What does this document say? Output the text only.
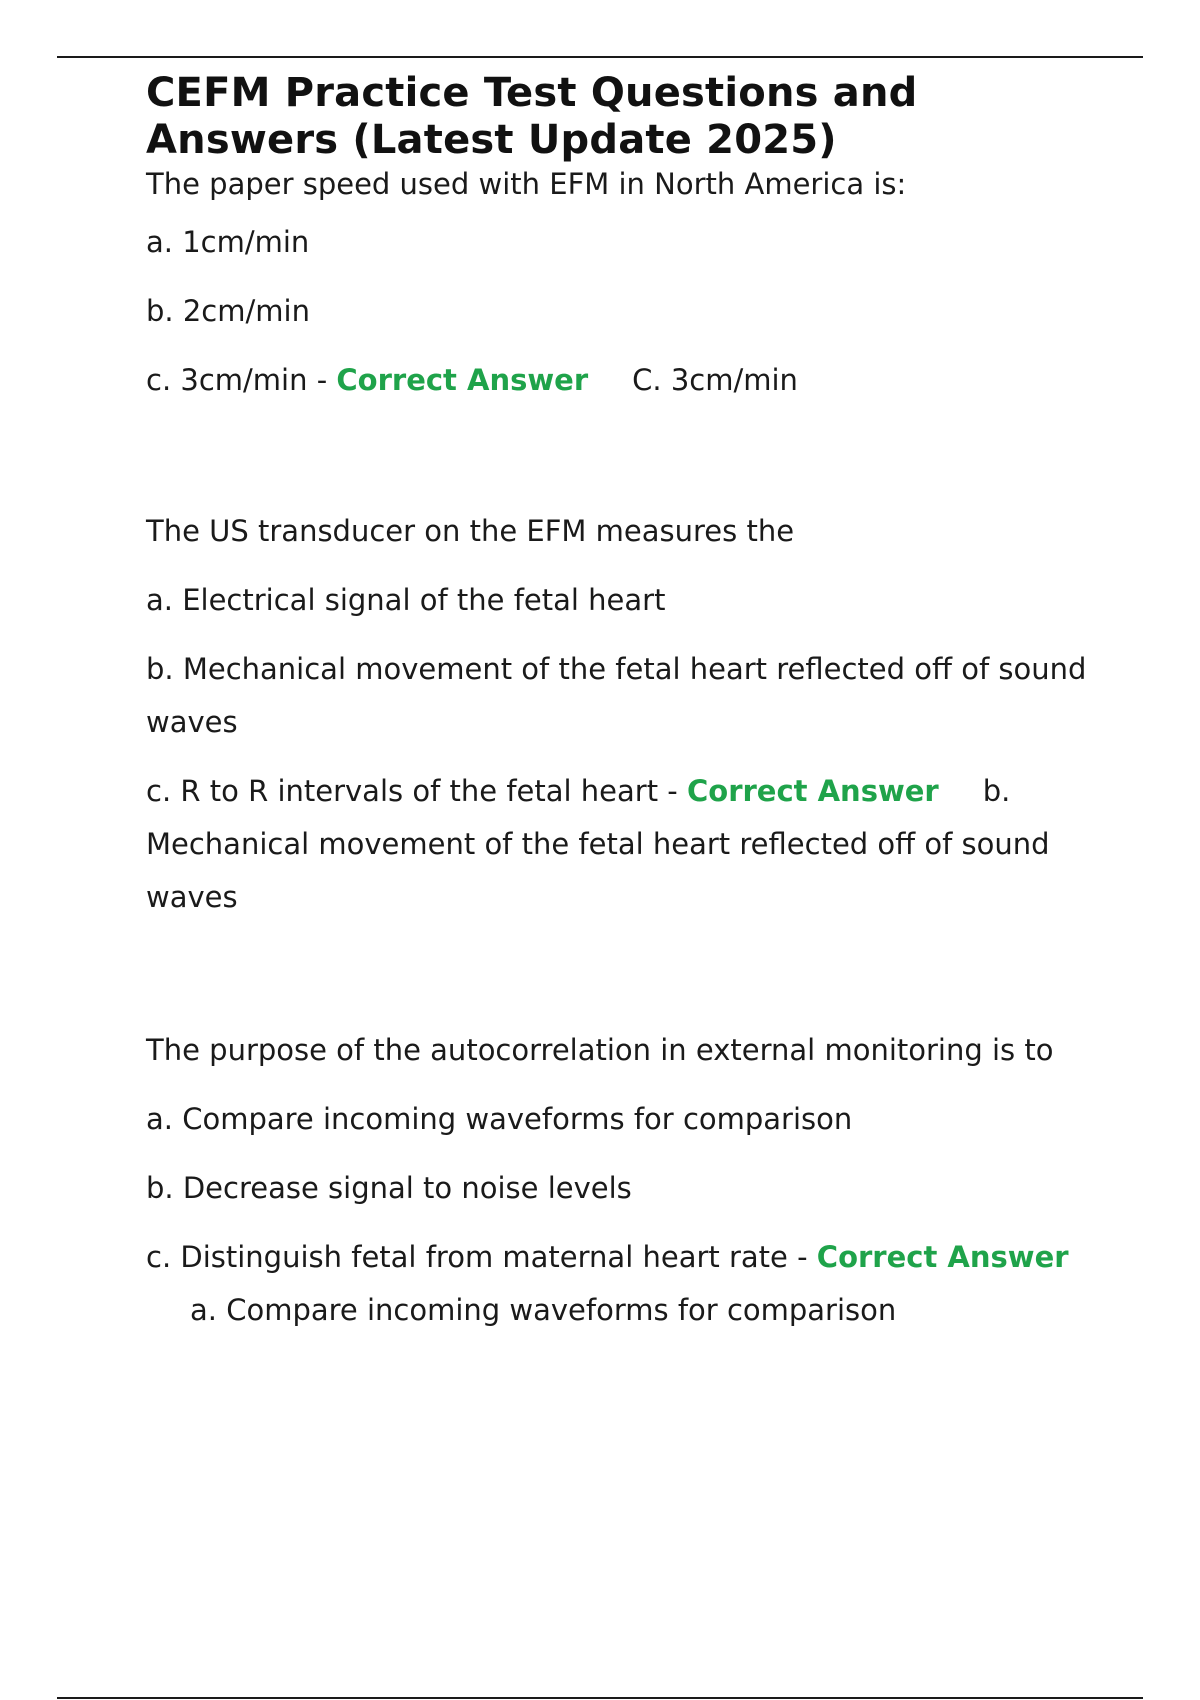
CEFM Practice Test Questions and
Answers (Latest Update 2025)

The paper speed used with EFM in North America is:

a. 1cm/min

b. 2cm/min

c. 3cm/min - Correct Answer C. 3cm/min

The US transducer on the EFM measures the

a. Electrical signal of the fetal heart

b. Mechanical movement of the fetal heart reflected off of sound waves

c. R to R intervals of the fetal heart - Correct Answer b. Mechanical movement of the fetal heart reflected off of sound waves

The purpose of the autocorrelation in external monitoring is to

a. Compare incoming waveforms for comparison

b. Decrease signal to noise levels

c. Distinguish fetal from maternal heart rate - Correct Answera. Compare incoming waveforms for comparison
